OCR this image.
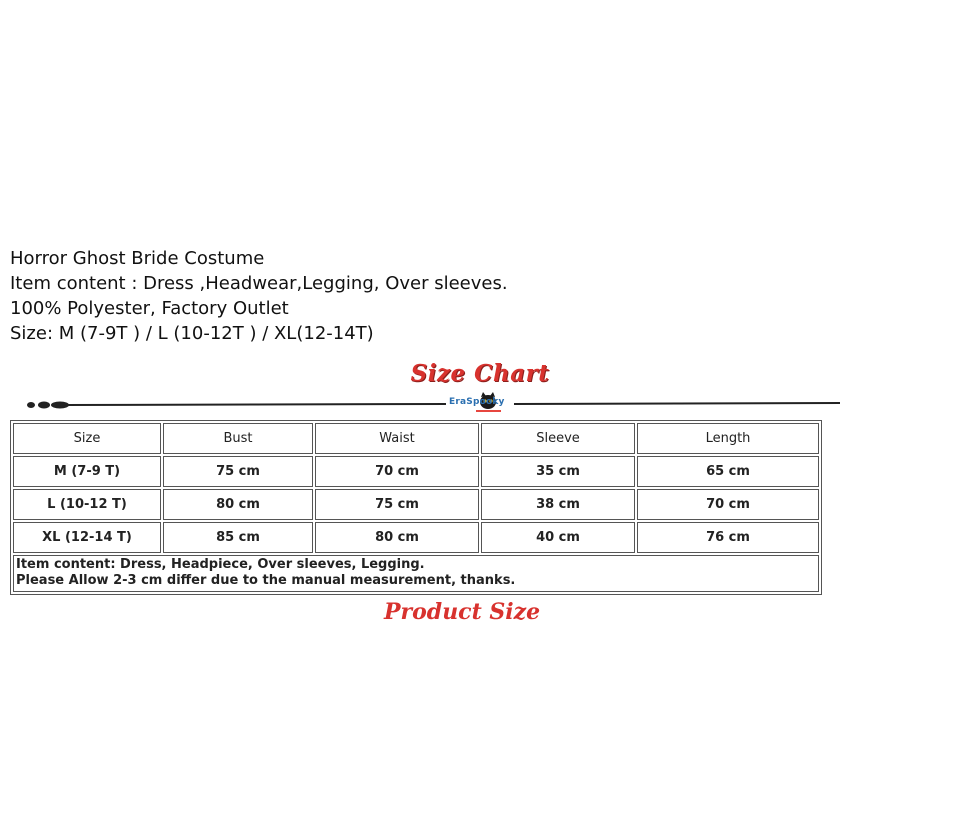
Horror Ghost Bride Costume
Item content : Dress ,Headwear,Legging, Over sleeves.
100% Polyester, Factory Outlet
Size: M (7-9T ) / L (10-12T ) / XL(12-14T)
Size Chart
EraSpooky
Size	Bust	Waist	Sleeve	Length
M (7-9 T)	75 cm	70 cm	35 cm	65 cm
L (10-12 T)	80 cm	75 cm	38 cm	70 cm
XL (12-14 T)	85 cm	80 cm	40 cm	76 cm

Item content: Dress, Headpiece, Over sleeves, Legging.
Please Allow 2-3 cm differ due to the manual measurement, thanks.				
Product Size
